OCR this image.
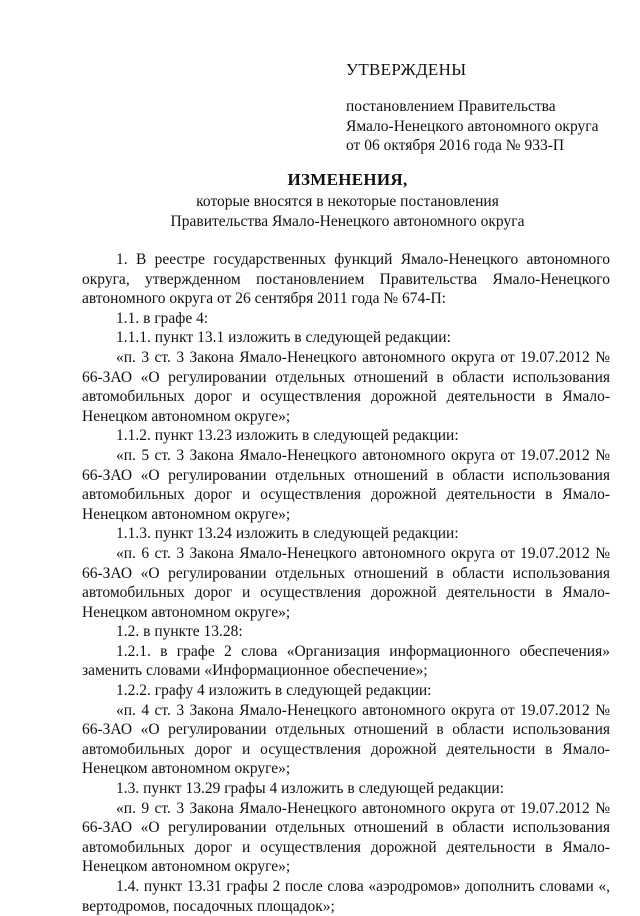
УТВЕРЖДЕНЫ
постановлением Правительства
Ямало-Ненецкого автономного округа
от 06 октября 2016 года № 933-П
ИЗМЕНЕНИЯ,
которые вносятся в некоторые постановления
Правительства Ямало-Ненецкого автономного округа

1. В реестре государственных функций Ямало-Ненецкого автономного округа, утвержденном постановлением Правительства Ямало-Ненецкого автономного округа от 26 сентября 2011 года № 674-П:

1.1. в графе 4:

1.1.1. пункт 13.1 изложить в следующей редакции:

«п. 3 ст. 3 Закона Ямало-Ненецкого автономного округа от 19.07.2012 № 66-ЗАО «О регулировании отдельных отношений в области использования автомобильных дорог и осуществления дорожной деятельности в Ямало-Ненецком автономном округе»;

1.1.2. пункт 13.23 изложить в следующей редакции:

«п. 5 ст. 3 Закона Ямало-Ненецкого автономного округа от 19.07.2012 № 66-ЗАО «О регулировании отдельных отношений в области использования автомобильных дорог и осуществления дорожной деятельности в Ямало-Ненецком автономном округе»;

1.1.3. пункт 13.24 изложить в следующей редакции:

«п. 6 ст. 3 Закона Ямало-Ненецкого автономного округа от 19.07.2012 № 66-ЗАО «О регулировании отдельных отношений в области использования автомобильных дорог и осуществления дорожной деятельности в Ямало-Ненецком автономном округе»;

1.2. в пункте 13.28:

1.2.1. в графе 2 слова «Организация информационного обеспечения» заменить словами «Информационное обеспечение»;

1.2.2. графу 4 изложить в следующей редакции:

«п. 4 ст. 3 Закона Ямало-Ненецкого автономного округа от 19.07.2012 № 66-ЗАО «О регулировании отдельных отношений в области использования автомобильных дорог и осуществления дорожной деятельности в Ямало-Ненецком автономном округе»;

1.3. пункт 13.29 графы 4 изложить в следующей редакции:

«п. 9 ст. 3 Закона Ямало-Ненецкого автономного округа от 19.07.2012 № 66-ЗАО «О регулировании отдельных отношений в области использования автомобильных дорог и осуществления дорожной деятельности в Ямало-Ненецком автономном округе»;

1.4. пункт 13.31 графы 2 после слова «аэродромов» дополнить словами «, вертодромов, посадочных площадок»;
